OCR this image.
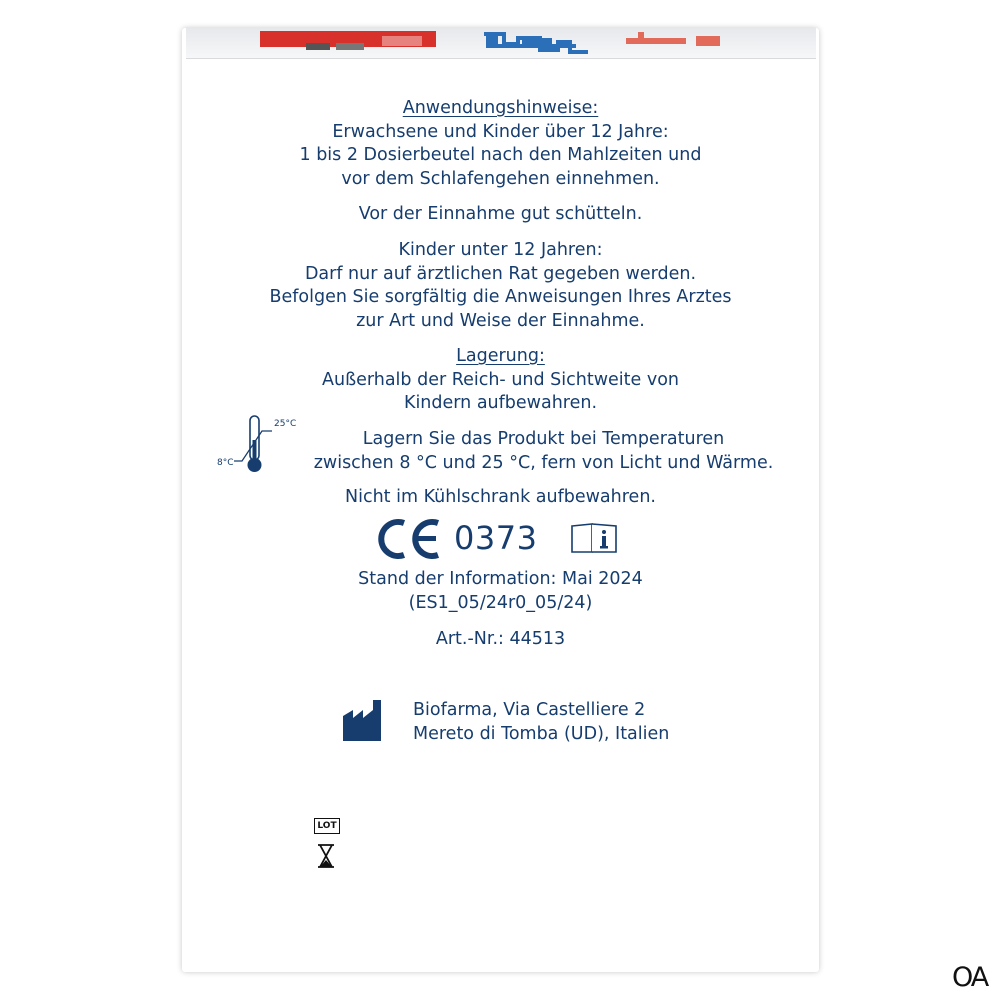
Anwendungshinweise:
Erwachsene und Kinder über 12 Jahre:
1 bis 2 Dosierbeutel nach den Mahlzeiten und
vor dem Schlafengehen einnehmen.
Vor der Einnahme gut schütteln.
Kinder unter 12 Jahren:
Darf nur auf ärztlichen Rat gegeben werden.
Befolgen Sie sorgfältig die Anweisungen Ihres Arztes
zur Art und Weise der Einnahme.
Lagerung:
Außerhalb der Reich- und Sichtweite von
Kindern aufbewahren.
25°C
8°C
Lagern Sie das Produkt bei Temperaturen
zwischen 8 °C und 25 °C, fern von Licht und Wärme.
Nicht im Kühlschrank aufbewahren.
0373
Stand der Information: Mai 2024
(ES1_05/24r0_05/24)
Art.-Nr.: 44513
Biofarma, Via Castelliere 2
Mereto di Tomba (UD), Italien
LOT
OA
